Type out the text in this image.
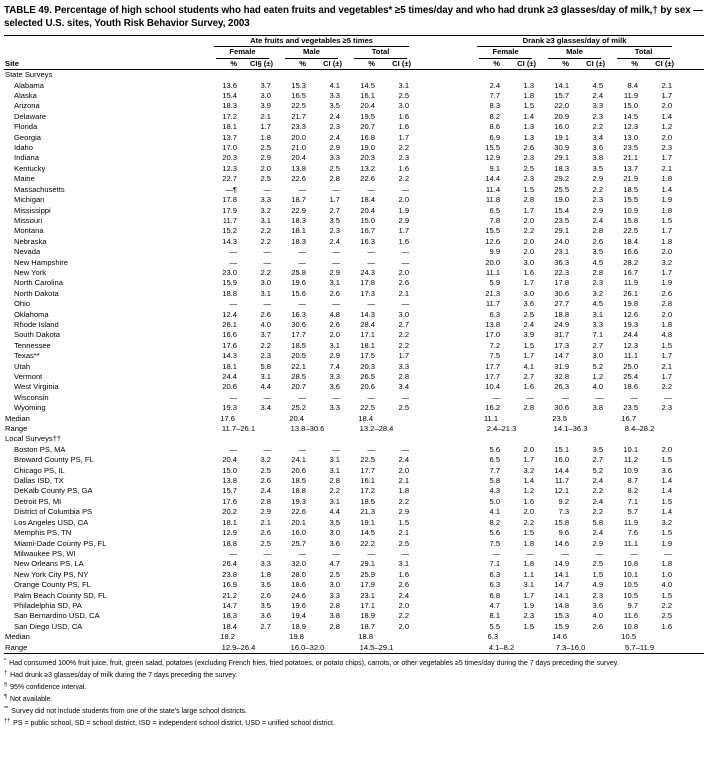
TABLE 49. Percentage of high school students who had eaten fruits and vegetables* ≥5 times/day and who had drunk ≥3 glasses/day of milk,† by sex — selected U.S. sites, Youth Risk Behavior Survey, 2003

	Ate fruits and vegetables ≥5 times							Drank ≥3 glasses/day of milk						

	Female		Male		Total			Female		Male		Total		

Site	%	CI§ (±)	%	CI (±)	%	CI (±)		%	CI (±)	%	CI (±)	%	CI (±)	
State Surveys														
Alabama	13.6	3.7	15.3	4.1	14.5	3.1		2.4	1.3	14.1	4.5	8.4	2.1	
Alaska	15.4	3.0	16.5	3.3	16.1	2.5		7.7	1.8	15.7	2.4	11.9	1.7	
Arizona	18.3	3.9	22.5	3.5	20.4	3.0		8.3	1.5	22.0	3.3	15.0	2.0	
Delaware	17.2	2.1	21.7	2.4	19.5	1.6		8.2	1.4	20.9	2.3	14.5	1.4	
Florida	18.1	1.7	23.3	2.3	20.7	1.6		8.6	1.3	16.0	2.2	12.3	1.2	
Georgia	13.7	1.8	20.0	2.4	16.8	1.7		6.9	1.3	19.1	3.4	13.0	2.0	
Idaho	17.0	2.5	21.0	2.9	19.0	2.2		15.5	2.6	30.9	3.6	23.5	2.3	
Indiana	20.3	2.9	20.4	3.3	20.3	2.3		12.9	2.3	29.1	3.8	21.1	1.7	
Kentucky	12.3	2.0	13.8	2.5	13.2	1.6		9.1	2.5	18.3	3.5	13.7	2.1	
Maine	22.7	2.5	22.6	2.8	22.6	2.2		14.4	2.3	29.2	2.9	21.9	1.8	
Massachusetts	—¶	—	—	—	—	—		11.4	1.5	25.5	2.2	18.5	1.4	
Michigan	17.8	3.3	18.7	1.7	18.4	2.0		11.8	2.8	19.0	2.3	15.5	1.9	
Mississippi	17.9	3.2	22.9	2.7	20.4	1.9		6.5	1.7	15.4	2.9	10.9	1.8	
Missouri	11.7	3.1	18.3	3.5	15.0	2.9		7.8	2.0	23.5	2.4	15.8	1.5	
Montana	15.2	2.2	18.1	2.3	16.7	1.7		15.5	2.2	29.1	2.8	22.5	1.7	
Nebraska	14.3	2.2	18.3	2.4	16.3	1.6		12.6	2.0	24.0	2.6	18.4	1.8	
Nevada	—	—	—	—	—	—		9.9	2.0	23.1	3.5	16.6	2.0	
New Hampshire	—	—	—	—	—	—		20.0	3.0	36.3	4.5	28.2	3.2	
New York	23.0	2.2	25.8	2.9	24.3	2.0		11.1	1.6	22.3	2.8	16.7	1.7	
North Carolina	15.9	3.0	19.6	3.1	17.8	2.6		5.9	1.7	17.8	2.3	11.9	1.9	
North Dakota	18.8	3.1	15.6	2.6	17.3	2.1		21.3	3.0	30.6	3.2	26.1	2.6	
Ohio	—	—	—	—	—	—		11.7	3.6	27.7	4.5	19.8	2.8	
Oklahoma	12.4	2.6	16.3	4.8	14.3	3.0		6.3	2.5	18.8	3.1	12.6	2.0	
Rhode Island	26.1	4.0	30.6	2.6	28.4	2.7		13.8	2.4	24.9	3.3	19.3	1.8	
South Dakota	16.6	3.7	17.7	2.0	17.1	2.2		17.0	3.9	31.7	7.1	24.4	4.8	
Tennessee	17.6	2.2	18.5	3.1	18.1	2.2		7.2	1.5	17.3	2.7	12.3	1.5	
Texas**	14.3	2.3	20.5	2.9	17.5	1.7		7.5	1.7	14.7	3.0	11.1	1.7	
Utah	18.1	5.8	22.1	7.4	20.3	3.3		17.7	4.1	31.9	5.2	25.0	2.1	
Vermont	24.4	3.1	28.5	3.3	26.5	2.8		17.7	2.7	32.8	1.2	25.4	1.7	
West Virginia	20.6	4.4	20.7	3.6	20.6	3.4		10.4	1.6	26.3	4.0	18.6	2.2	
Wisconsin	—	—	—	—	—	—		—	—	—	—	—	—	
Wyoming	19.3	3.4	25.2	3.3	22.5	2.5		16.2	2.8	30.6	3.8	23.5	2.3	
Median	17.6		20.4		18.4			11.1		23.5		16.7		
Range	11.7–26.1		13.8–30.6		13.2–28.4			2.4–21.3		14.1–36.3		8.4–28.2		
Local Surveys††														
Boston PS, MA	—	—	—	—	—	—		5.6	2.0	15.1	3.5	10.1	2.0	
Broward County PS, FL	20.4	3.2	24.1	3.1	22.5	2.4		6.5	1.7	16.0	2.7	11.2	1.5	
Chicago PS, IL	15.0	2.5	20.6	3.1	17.7	2.0		7.7	3.2	14.4	5.2	10.9	3.6	
Dallas ISD, TX	13.8	2.6	18.5	2.8	16.1	2.1		5.8	1.4	11.7	2.4	8.7	1.4	
DeKalb County PS, GA	15.7	2.4	18.8	2.2	17.2	1.8		4.3	1.2	12.1	2.2	8.2	1.4	
Detroit PS, MI	17.6	2.8	19.3	3.1	18.5	2.2		5.0	1.6	9.2	2.4	7.1	1.5	
District of Columbia PS	20.2	2.9	22.6	4.4	21.3	2.9		4.1	2.0	7.3	2.2	5.7	1.4	
Los Angeles USD, CA	18.1	2.1	20.1	3.5	19.1	1.5		8.2	2.2	15.8	5.8	11.9	3.2	
Memphis PS, TN	12.9	2.6	16.0	3.0	14.5	2.1		5.6	1.5	9.6	2.4	7.6	1.5	
Miami-Dade County PS, FL	18.8	2.5	25.7	3.6	22.2	2.5		7.5	1.8	14.6	2.9	11.1	1.9	
Milwaukee PS, WI	—	—	—	—	—	—		—	—	—	—	—	—	
New Orleans PS, LA	26.4	3.3	32.0	4.7	29.1	3.1		7.1	1.8	14.9	2.5	10.8	1.8	
New York City PS, NY	23.8	1.8	28.0	2.5	25.9	1.6		6.3	1.1	14.1	1.5	10.1	1.0	
Orange County PS, FL	16.9	3.5	18.6	3.0	17.9	2.6		6.3	3.1	14.7	4.9	10.5	4.0	
Palm Beach County SD, FL	21.2	2.6	24.6	3.3	23.1	2.4		6.8	1.7	14.1	2.3	10.5	1.5	
Philadelphia SD, PA	14.7	3.5	19.6	2.8	17.1	2.0		4.7	1.9	14.8	3.6	9.7	2.2	
San Bernardino USD, CA	18.3	3.6	19.4	3.8	18.9	2.2		8.1	2.3	15.3	4.0	11.6	2.5	
San Diego USD, CA	18.4	2.7	18.9	2.8	18.7	2.0		5.5	1.5	15.9	2.6	10.8	1.6	
Median	18.2		19.8		18.8			6.3		14.6		10.5		
Range	12.9–26.4		16.0–32.0		14.5–29.1			4.1–8.2		7.3–16.0		5.7–11.9		
* Had consumed 100% fruit juice, fruit, green salad, potatoes (excluding French fries, fried potatoes, or potato chips), carrots, or other vegetables ≥5 times/day during the 7 days preceding the survey.
† Had drunk ≥3 glasses/day of milk during the 7 days preceding the survey.
§ 95% confidence interval.
¶ Not available.
** Survey did not include students from one of the state’s large school districts.
†† PS = public school, SD = school district, ISD = independent school district, USD = unified school district.
